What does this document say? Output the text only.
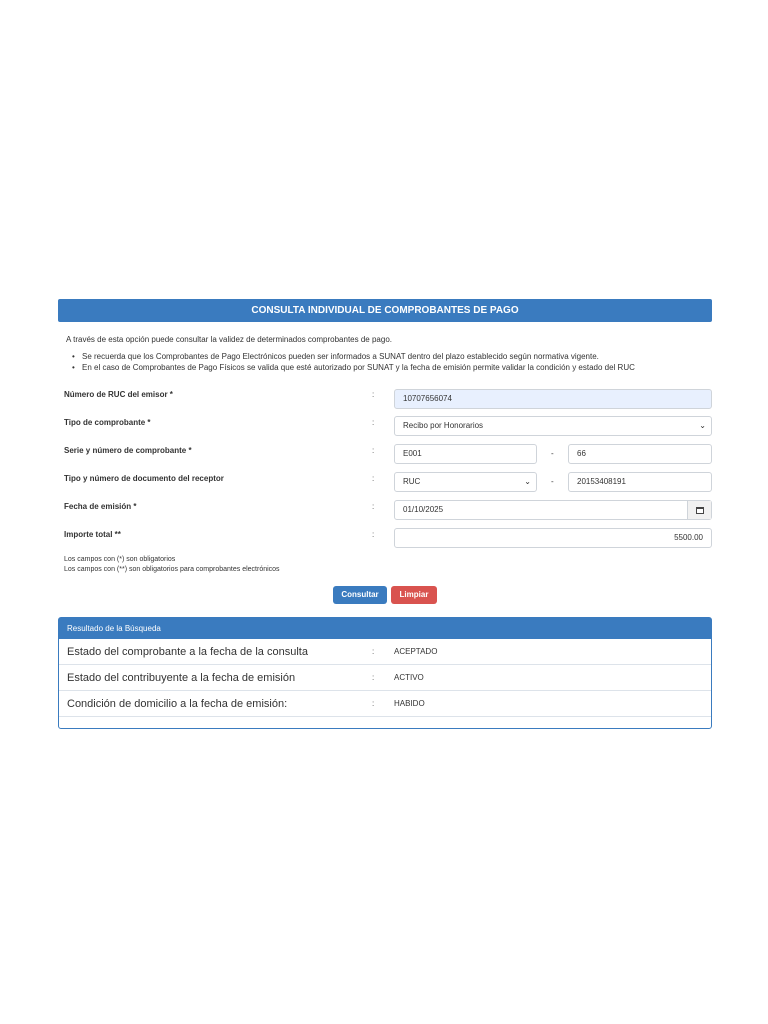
CONSULTA INDIVIDUAL DE COMPROBANTES DE PAGO
A través de esta opción puede consultar la validez de determinados comprobantes de pago.
• Se recuerda que los Comprobantes de Pago Electrónicos pueden ser informados a SUNAT dentro del plazo establecido según normativa vigente.
• En el caso de Comprobantes de Pago Físicos se valida que esté autorizado por SUNAT y la fecha de emisión permite validar la condición y estado del RUC
Número de RUC del emisor *	:	10707656074
Tipo de comprobante *	:	Recibo por Honorarios	⌄
Serie y número de comprobante *	:	E001	-	66
Tipo y número de documento del receptor	:	RUC	⌄	-	20153408191
Fecha de emisión *	:	01/10/2025
Importe total **	:	5500.00
Los campos con (*) son obligatorios
Los campos con (**) son obligatorios para comprobantes electrónicos
Consultar	Limpiar
Resultado de la Búsqueda
Estado del comprobante a la fecha de la consulta	: ACEPTADO
Estado del contribuyente a la fecha de emisión	: ACTIVO
Condición de domicilio a la fecha de emisión:	: HABIDO
